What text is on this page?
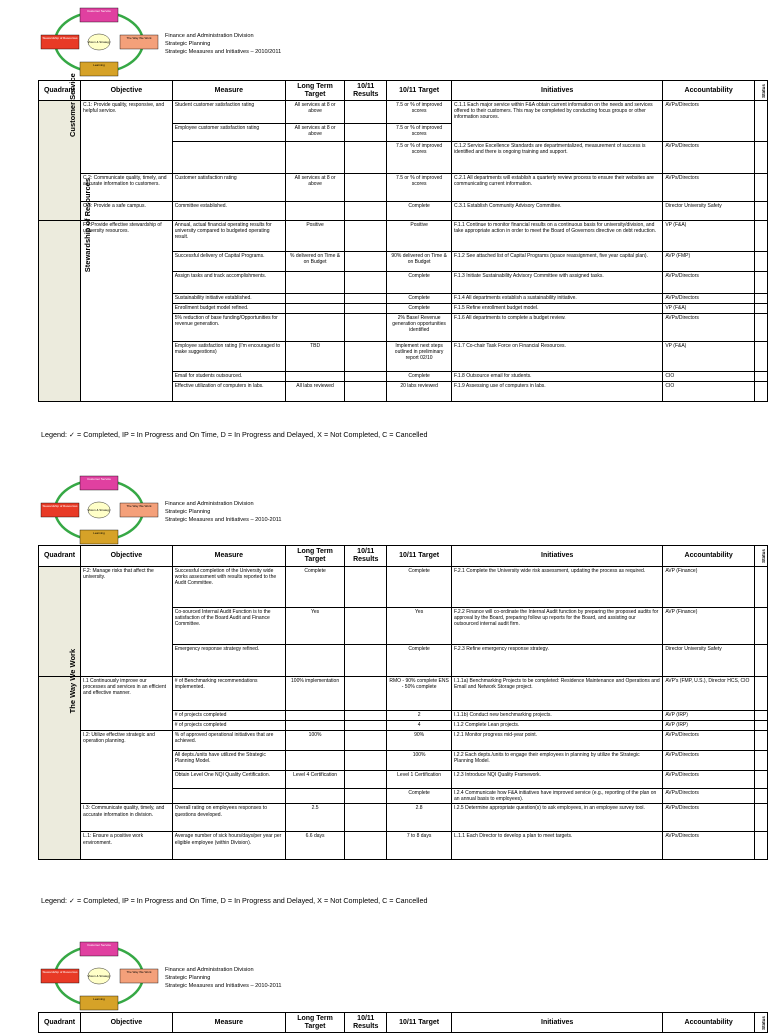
Customer Service
Stewardship of Resources	The Way We Work
Learning
Vision & Strategy
Finance and Administration Division
Strategic Planning
Strategic Measures and Initiatives – 2010/2011
Quadrant	Objective	Measure	Long Term Target	10/11 Results	10/11 Target	Initiatives	Accountability	Status
Customer Service	C.1: Provide quality, responsive, and helpful service.	Student customer satisfaction rating	All services at 8 or above		7.5 or % of improved scores	C.1.1 Each major service within F&A obtain current information on the needs and services offered to their customers. This may be completed by conducting focus groups or other information sources.	AVPs/Directors	
		Employee customer satisfaction rating	All services at 8 or above		7.5 or % of improved scores			
					7.5 or % of improved scores	C.1.2 Service Excellence Standards are departmentalized, measurement of success is identified and there is ongoing training and support.	AVPs/Directors	
	C.2: Communicate quality, timely, and accurate information to customers.	Customer satisfaction rating	All services at 8 or above		7.5 or % of improved scores	C.2.1 All departments will establish a quarterly review process to ensure their websites are communicating current information.	AVPs/Directors	
	C.3: Provide a safe campus.	Committee established.			Complete	C.3.1 Establish Community Advisory Committee.	Director University Safety	
Stewardship of Resources	F.1:Provide effective stewardship of university resources.	Annual, actual financial operating results for university compared to budgeted operating result.	Positive		Positive	F.1.1 Continue to monitor financial results on a continuous basis for university/division, and take appropriate action in order to meet the Board of Governors directive on debt reduction.	VP (F&A)	
		Successful delivery of Capital Programs.	% delivered on Time & on Budget		90% delivered on Time & on Budget	F.1.2 See attached list of Capital Programs (space reassignment, five year capital plan).	AVP (FMP)	
		Assign tasks and track accomplishments.			Complete	F.1.3 Initiate Sustainability Advisory Committee with assigned tasks.	AVPs/Directors	
		Sustainability initiative established.			Complete	F.1.4 All departments establish a sustainability initiative.	AVPs/Directors	
		Enrollment budget model refined.			Complete	F.1.5 Refine enrollment budget model.	VP (F&A)	
		5% reduction of base funding/Opportunities for revenue generation.			2% Base/ Revenue generation opportunities identified	F.1.6 All departments to complete a budget review.	AVPs/Directors	
		Employee satisfaction rating (I'm encouraged to make suggestions)	TBD		Implement next steps outlined in preliminary report 02/10	F.1.7 Co-chair Task Force on Financial Resources.	VP (F&A)	
		Email for students outsourced.			Complete	F.1.8 Outsource email for students.	CIO	
		Effective utilization of computers in labs.	All labs reviewed		20 labs reviewed	F.1.9 Assessing use of computers in labs.	CIO	
Legend: ✓ = Completed, IP = In Progress and On Time, D = In Progress and Delayed, X = Not Completed, C = Cancelled
Customer Service
Stewardship of Resources	The Way We Work
Learning
Vision & Strategy
Finance and Administration Division
Strategic Planning
Strategic Measures and Initiatives – 2010-2011
Quadrant	Objective	Measure	Long Term Target	10/11 Results	10/11 Target	Initiatives	Accountability	Status
	F.2: Manage risks that affect the university.	Successful completion of the University wide works assessment with results reported to the Audit Committee.	Complete		Complete	F.2.1 Complete the University wide risk assessment, updating the process as required.	AVP (Finance)	
		Co-sourced Internal Audit Function is to the satisfaction of the Board Audit and Finance Committee.	Yes		Yes	F.2.2 Finance will co-ordinate the Internal Audit function by preparing the proposed audits for approval by the Board, preparing follow up reports for the Board, and assisting our outsourced internal audit firm.	AVP (Finance)	
		Emergency response strategy refined.			Complete	F.2.3 Refine emergency response strategy.	Director University Safety	
The Way We Work	I.1 Continuously improve our processes and services in an efficient and effective manner.	# of Benchmarking recommendations implemented.	100% implementation		RMO - 90% complete ENS - 50% complete	I.1.1a) Benchmarking Projects to be completed: Residence Maintenance and Operations and Email and Network Storage project.	AVP's (FMP, U.S.), Director HCS, CIO	
		# of projects completed			2	I.1.1b) Conduct new benchmarking projects.	AVP (IRP)	
		# of projects completed			4	I.1.2 Complete Lean projects.	AVP (IRP)	
	I.2: Utilize effective strategic and operation planning.	% of approved operational initiatives that are achieved.	100%		90%	I.2.1 Monitor progress mid-year point.	AVPs/Directors	
		All depts./units have utilized the Strategic Planning Model.			100%	I.2.2 Each depts./units to engage their employees in planning by utilize the Strategic Planning Model.	AVPs/Directors	
		Obtain Level One NQI Quality Certification.	Level 4 Certification		Level 1 Certification	I.2.3 Introduce NQI Quality Framework.	AVPs/Directors	
					Complete	I.2.4 Communicate how F&A initiatives have improved service (e.g., reporting of the plan on an annual basis to employees).	AVPs/Directors	
	I.3: Communicate quality, timely, and accurate information in division.	Overall rating on employees responses to questions developed.	2.5		2.8	I.2.5 Determine appropriate question(s) to ask employees, in an employee survey tool.	AVPs/Directors	
	L.1: Ensure a positive work environment.	Average number of sick hours/days/per year per eligible employee (within Division).	6.6 days		7 to 8 days	L.1.1 Each Director to develop a plan to meet targets.	AVPs/Directors	
Legend: ✓ = Completed, IP = In Progress and On Time, D = In Progress and Delayed, X = Not Completed, C = Cancelled
Customer Service
Stewardship of Resources	The Way We Work
Learning
Vision & Strategy
Finance and Administration Division
Strategic Planning
Strategic Measures and Initiatives – 2010-2011
Quadrant	Objective	Measure	Long Term Target	10/11 Results	10/11 Target	Initiatives	Accountability	Status
